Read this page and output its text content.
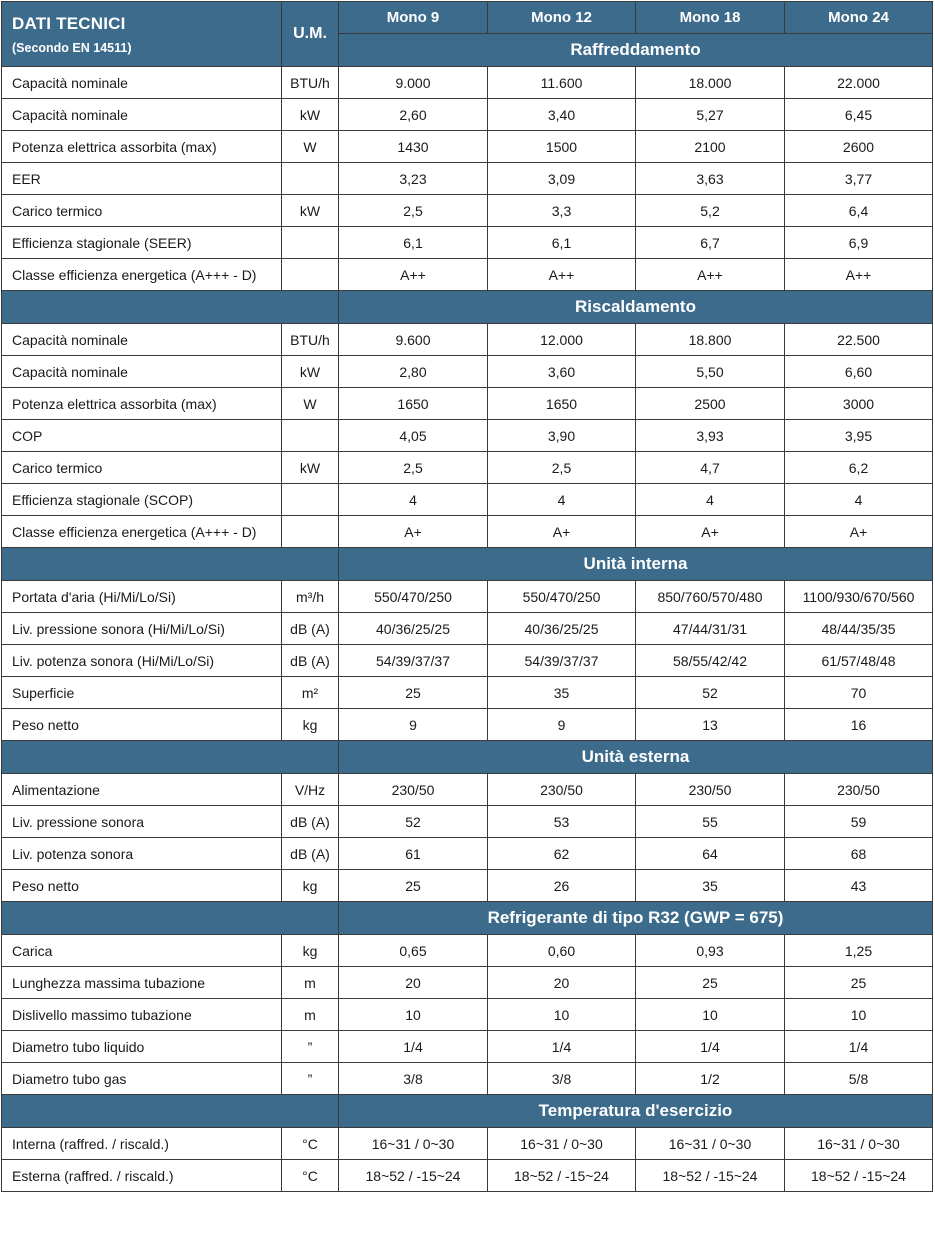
DATI TECNICI
(Secondo EN 14511)	U.M.	Mono 9	Mono 12	Mono 18	Mono 24
		Raffreddamento			
Capacità nominale	BTU/h	9.000	11.600	18.000	22.000
Capacità nominale	kW	2,60	3,40	5,27	6,45
Potenza elettrica assorbita (max)	W	1430	1500	2100	2600
EER		3,23	3,09	3,63	3,77
Carico termico	kW	2,5	3,3	5,2	6,4
Efficienza stagionale (SEER)		6,1	6,1	6,7	6,9
Classe efficienza energetica (A+++ - D)		A++	A++	A++	A++
		Riscaldamento			
Capacità nominale	BTU/h	9.600	12.000	18.800	22.500
Capacità nominale	kW	2,80	3,60	5,50	6,60
Potenza elettrica assorbita (max)	W	1650	1650	2500	3000
COP		4,05	3,90	3,93	3,95
Carico termico	kW	2,5	2,5	4,7	6,2
Efficienza stagionale (SCOP)		4	4	4	4
Classe efficienza energetica (A+++ - D)		A+	A+	A+	A+
		Unità interna			
Portata d'aria (Hi/Mi/Lo/Si)	m³/h	550/470/250	550/470/250	850/760/570/480	1100/930/670/560
Liv. pressione sonora (Hi/Mi/Lo/Si)	dB (A)	40/36/25/25	40/36/25/25	47/44/31/31	48/44/35/35
Liv. potenza sonora (Hi/Mi/Lo/Si)	dB (A)	54/39/37/37	54/39/37/37	58/55/42/42	61/57/48/48
Superficie	m²	25	35	52	70
Peso netto	kg	9	9	13	16
		Unità esterna			
Alimentazione	V/Hz	230/50	230/50	230/50	230/50
Liv. pressione sonora	dB (A)	52	53	55	59
Liv. potenza sonora	dB (A)	61	62	64	68
Peso netto	kg	25	26	35	43
		Refrigerante di tipo R32 (GWP = 675)			
Carica	kg	0,65	0,60	0,93	1,25
Lunghezza massima tubazione	m	20	20	25	25
Dislivello massimo tubazione	m	10	10	10	10
Diametro tubo liquido	”	1/4	1/4	1/4	1/4
Diametro tubo gas	”	3/8	3/8	1/2	5/8
		Temperatura d'esercizio			
Interna (raffred. / riscald.)	°C	16~31 / 0~30	16~31 / 0~30	16~31 / 0~30	16~31 / 0~30
Esterna (raffred. / riscald.)	°C	18~52 / -15~24	18~52 / -15~24	18~52 / -15~24	18~52 / -15~24
